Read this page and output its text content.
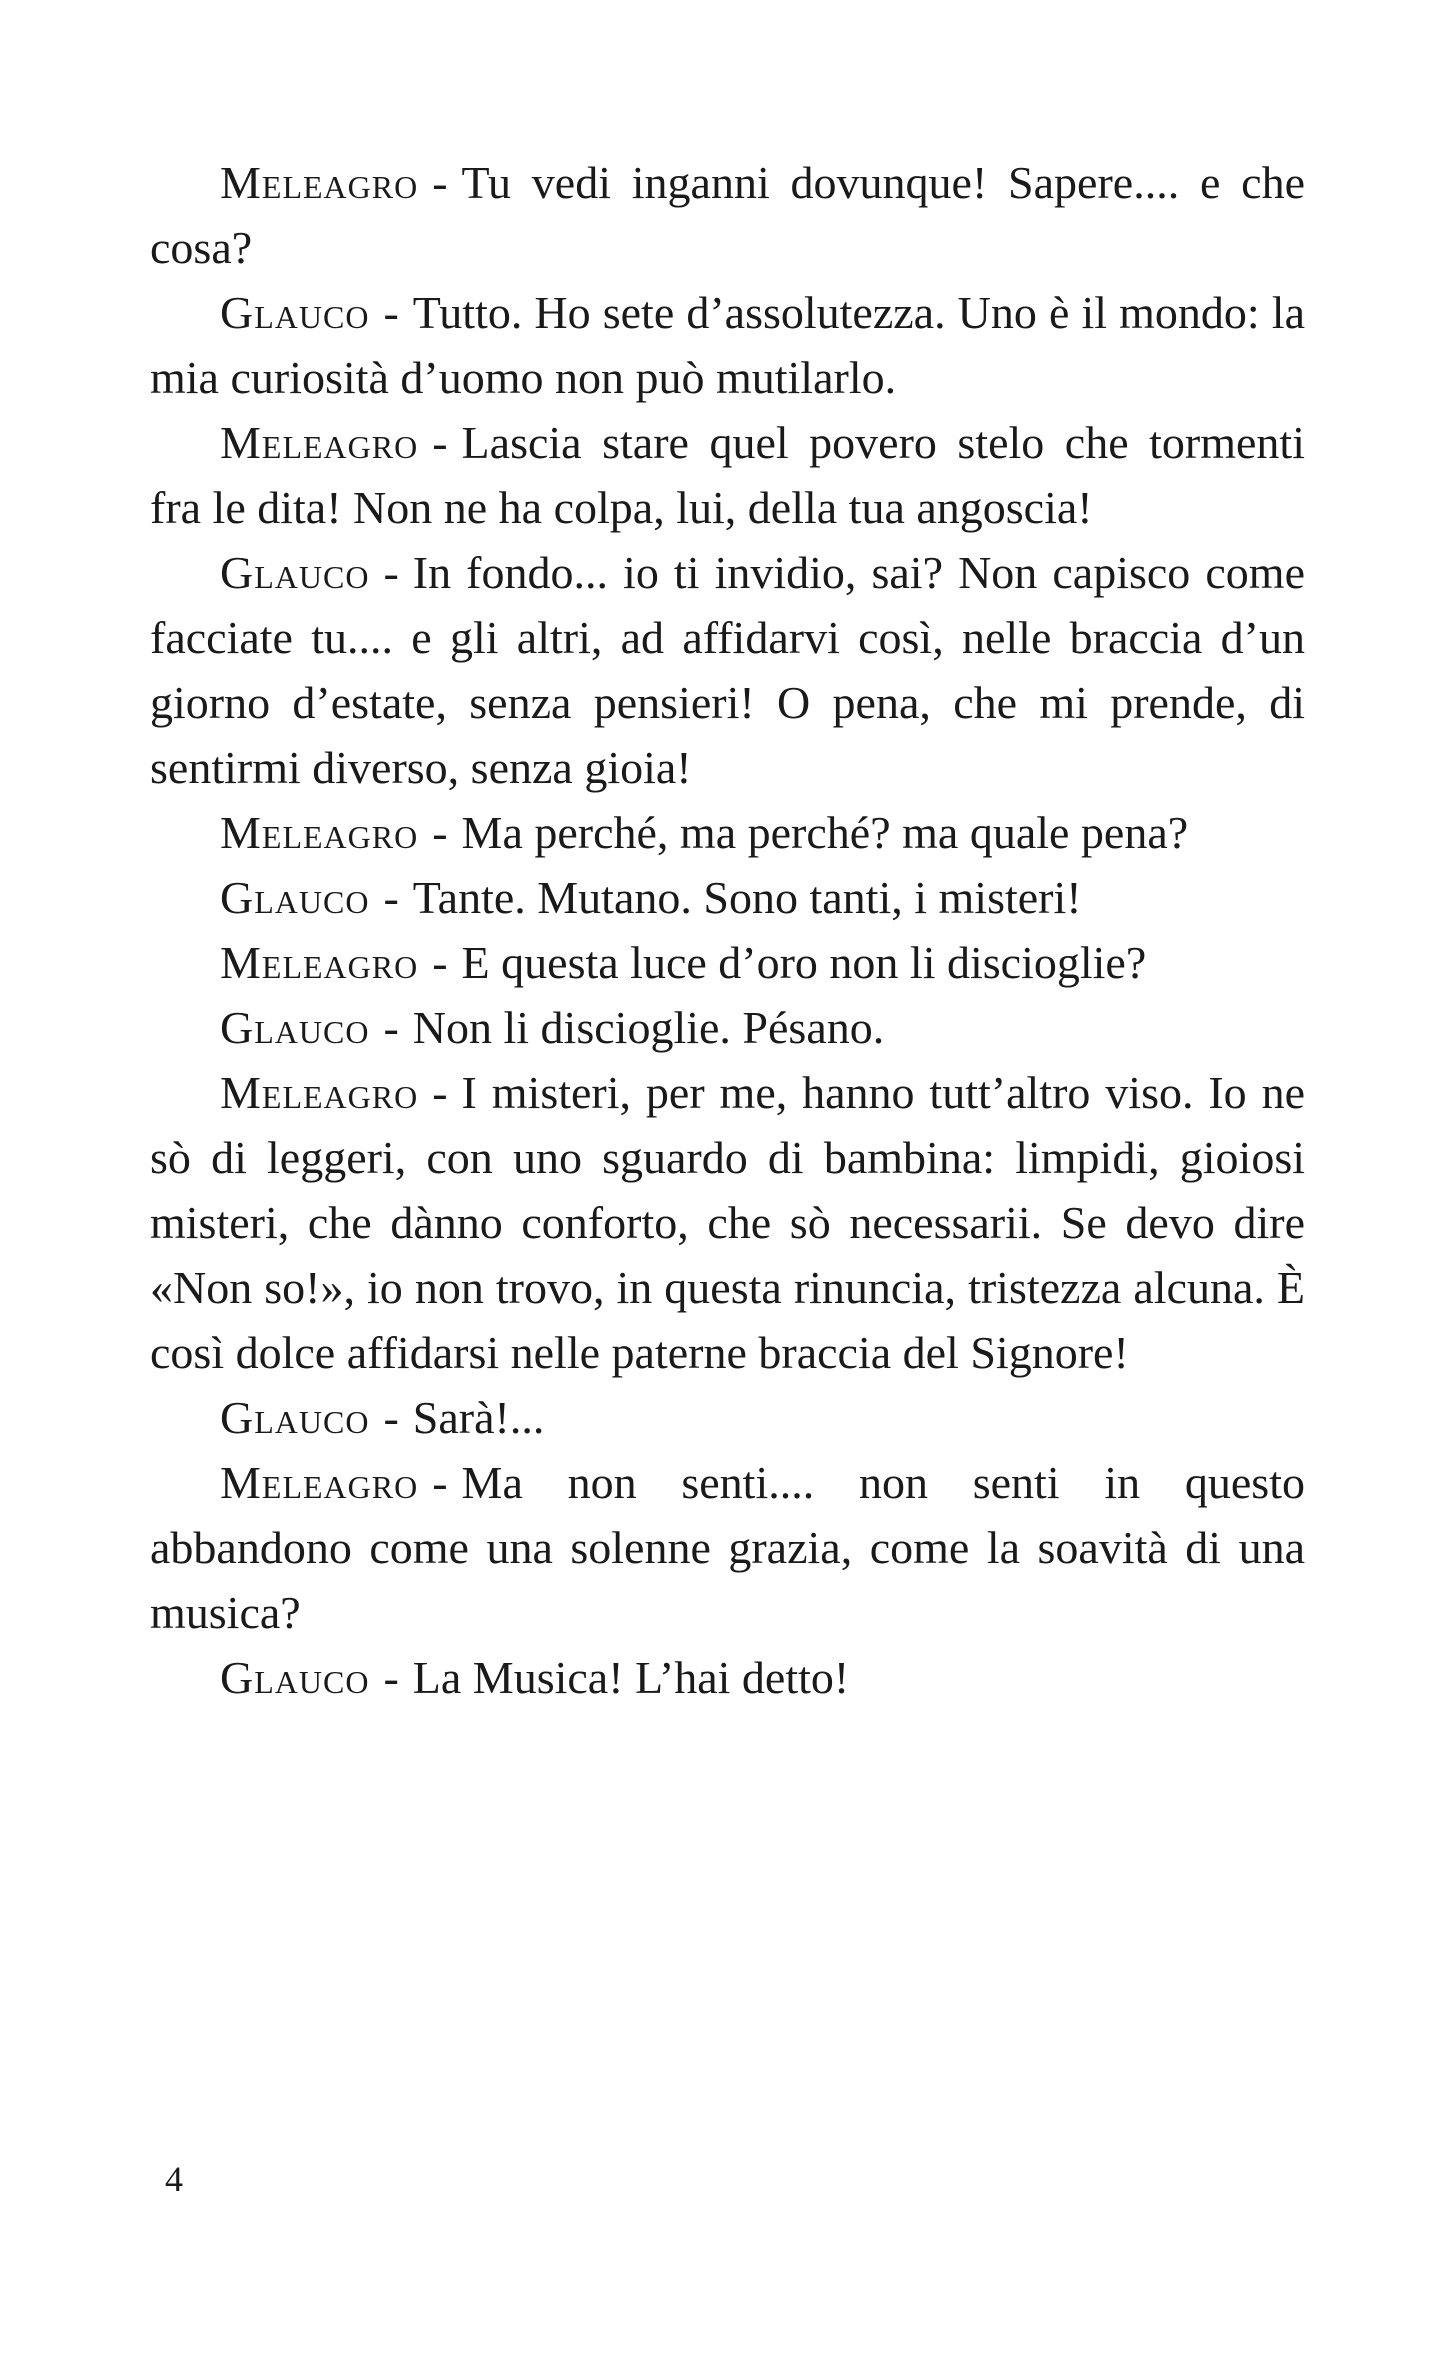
Meleagro - Tu vedi inganni dovunque! Sapere.... e che cosa?

Glauco - Tutto. Ho sete d’assolutezza. Uno è il mondo: la mia curiosità d’uomo non può mutilarlo.

Meleagro - Lascia stare quel povero stelo che tormenti fra le dita! Non ne ha colpa, lui, della tua angoscia!

Glauco - In fondo... io ti invidio, sai? Non capisco come facciate tu.... e gli altri, ad affidarvi così, nelle braccia d’un giorno d’estate, senza pensieri! O pena, che mi prende, di sentirmi diverso, senza gioia!

Meleagro - Ma perché, ma perché? ma quale pena?

Glauco - Tante. Mutano. Sono tanti, i misteri!

Meleagro - E questa luce d’oro non li discioglie?

Glauco - Non li discioglie. Pésano.

Meleagro - I misteri, per me, hanno tutt’altro viso. Io ne sò di leggeri, con uno sguardo di bambina: limpidi, gioiosi misteri, che dànno conforto, che sò necessarii. Se devo dire «Non so!», io non trovo, in questa rinuncia, tristezza alcuna. È così dolce affidarsi nelle paterne braccia del Signore!

Glauco - Sarà!...

Meleagro - Ma non senti.... non senti in questo abbandono come una solenne grazia, come la soavità di una musica?

Glauco - La Musica! L’hai detto!

4
